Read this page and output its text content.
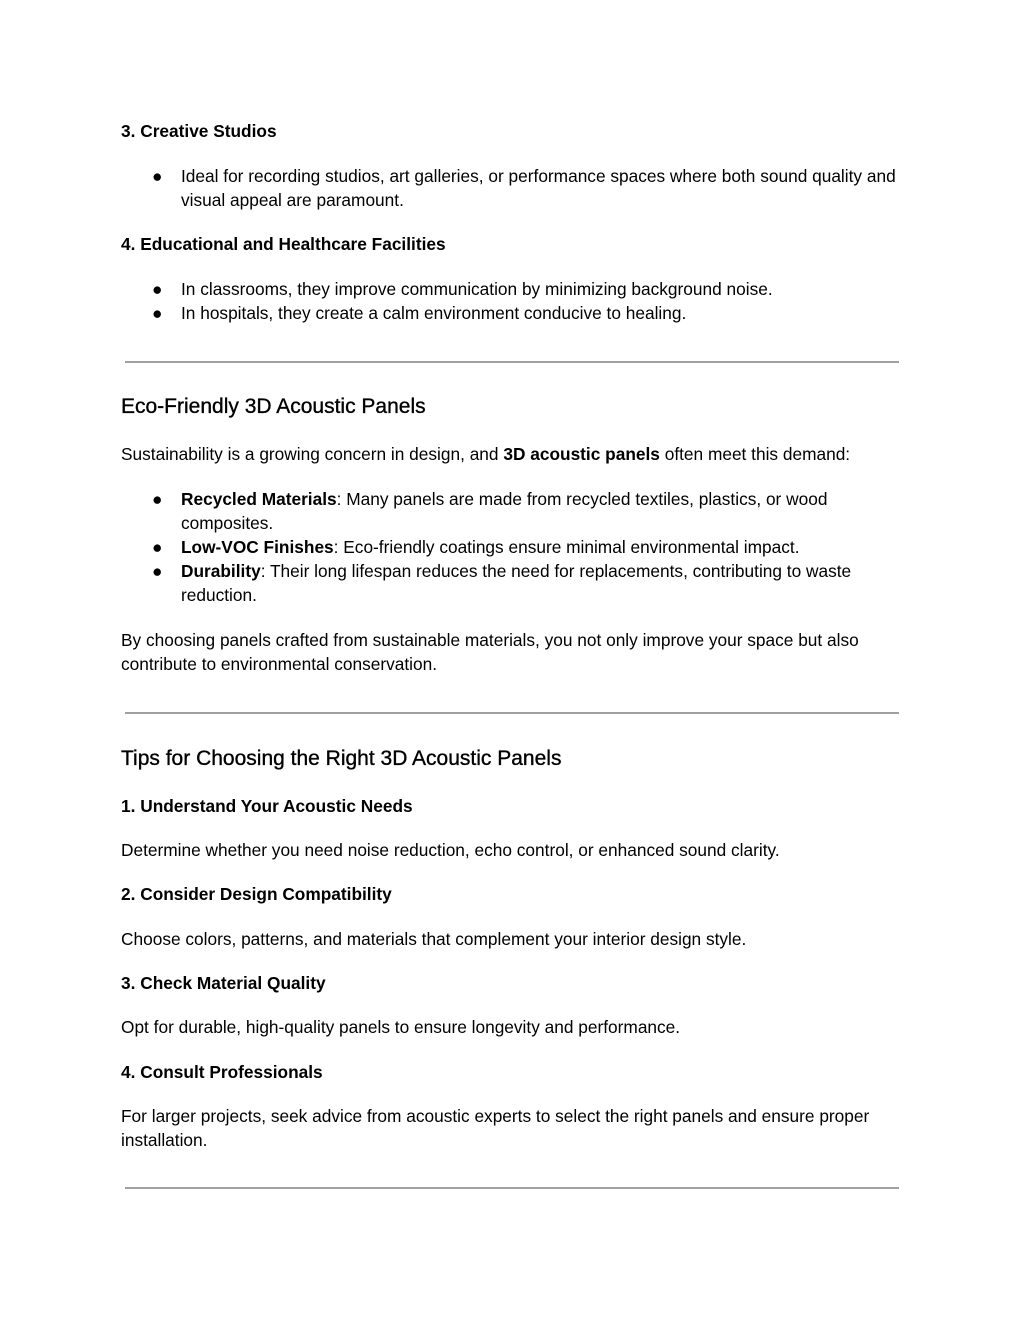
3. Creative Studios

● Ideal for recording studios, art galleries, or performance spaces where both sound quality and visual appeal are paramount.

4. Educational and Healthcare Facilities

● In classrooms, they improve communication by minimizing background noise.
● In hospitals, they create a calm environment conducive to healing.
Eco-Friendly 3D Acoustic Panels

Sustainability is a growing concern in design, and 3D acoustic panels often meet this demand:

● Recycled Materials: Many panels are made from recycled textiles, plastics, or wood composites.
● Low-VOC Finishes: Eco-friendly coatings ensure minimal environmental impact.
● Durability: Their long lifespan reduces the need for replacements, contributing to waste reduction.

By choosing panels crafted from sustainable materials, you not only improve your space but also contribute to environmental conservation.

Tips for Choosing the Right 3D Acoustic Panels

1. Understand Your Acoustic Needs

Determine whether you need noise reduction, echo control, or enhanced sound clarity.

2. Consider Design Compatibility

Choose colors, patterns, and materials that complement your interior design style.

3. Check Material Quality

Opt for durable, high-quality panels to ensure longevity and performance.

4. Consult Professionals

For larger projects, seek advice from acoustic experts to select the right panels and ensure proper installation.
